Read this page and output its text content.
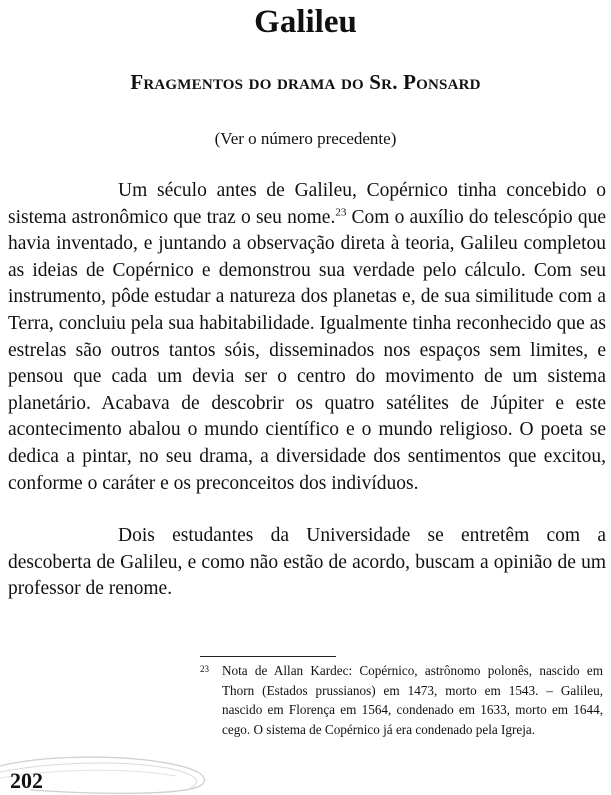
Galileu
Fragmentos do drama do Sr. Ponsard

(Ver o número precedente)

Um século antes de Galileu, Copérnico tinha concebido o sistema astronômico que traz o seu nome.$^{23}$ Com o auxílio do telescópio que havia inventado, e juntando a observação direta à teoria, Galileu completou as ideias de Copérnico e demonstrou sua verdade pelo cálculo. Com seu instrumento, pôde estudar a natureza dos planetas e, de sua similitude com a Terra, concluiu pela sua habitabilidade. Igualmente tinha reconhecido que as estrelas são outros tantos sóis, disseminados nos espaços sem limites, e pensou que cada um devia ser o centro do movimento de um sistema planetário. Acabava de descobrir os quatro satélites de Júpiter e este acontecimento abalou o mundo científico e o mundo religioso. O poeta se dedica a pintar, no seu drama, a diversidade dos sentimentos que excitou, conforme o caráter e os preconceitos dos indivíduos.

Dois estudantes da Universidade se entretêm com a descoberta de Galileu, e como não estão de acordo, buscam a opinião de um professor de renome.

23 Nota de Allan Kardec: Copérnico, astrônomo polonês, nascido em Thorn (Estados prussianos) em 1473, morto em 1543. – Galileu, nascido em Florença em 1564, condenado em 1633, morto em 1644, cego. O sistema de Copérnico já era condenado pela Igreja.
202
